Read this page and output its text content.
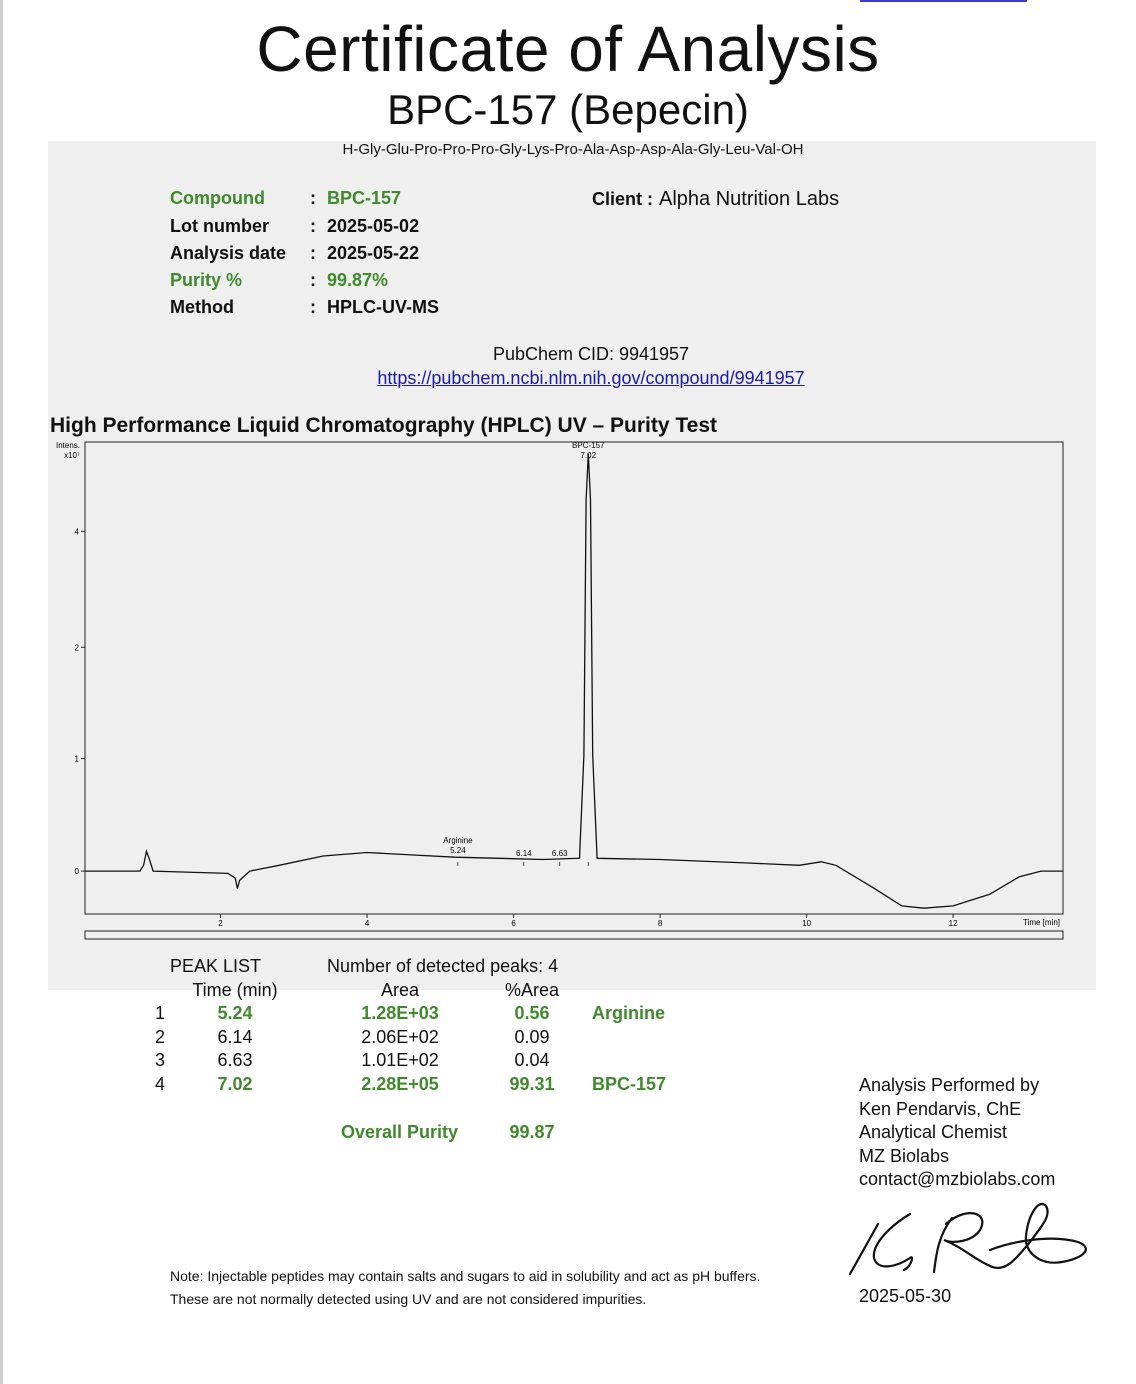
Certificate of Analysis
BPC-157 (Bepecin)
H-Gly-Glu-Pro-Pro-Pro-Gly-Lys-Pro-Ala-Asp-Asp-Ala-Gly-Leu-Val-OH
Compound	: BPC-157
Lot number : 2025-05-02
Analysis date : 2025-05-22
Purity %	: 99.87%
Method	: HPLC-UV-MS
Client : Alpha Nutrition Labs
PubChem CID: 9941957
https://pubchem.ncbi.nlm.nih.gov/compound/9941957
High Performance Liquid Chromatography (HPLC) UV – Purity Test
Intens.
x10⁷
Time [min]
2	4	6	8	10	12
0
1
2
4
Arginine
5.24	6.14	6.63
BPC-157
7.02
PEAK LIST	Number of detected peaks: 4
Time (min)	Area	%Area
1	5.24	1.28E+03	0.56	Arginine
2	6.14	2.06E+02	0.09
3	6.63	1.01E+02	0.04
4	7.02	2.28E+05	99.31	BPC-157
Overall Purity	99.87
Analysis Performed by
Ken Pendarvis, ChE
Analytical Chemist
MZ Biolabs
contact@mzbiolabs.com
2025-05-30
Note: Injectable peptides may contain salts and sugars to aid in solubility and act as pH buffers.
These are not normally detected using UV and are not considered impurities.
